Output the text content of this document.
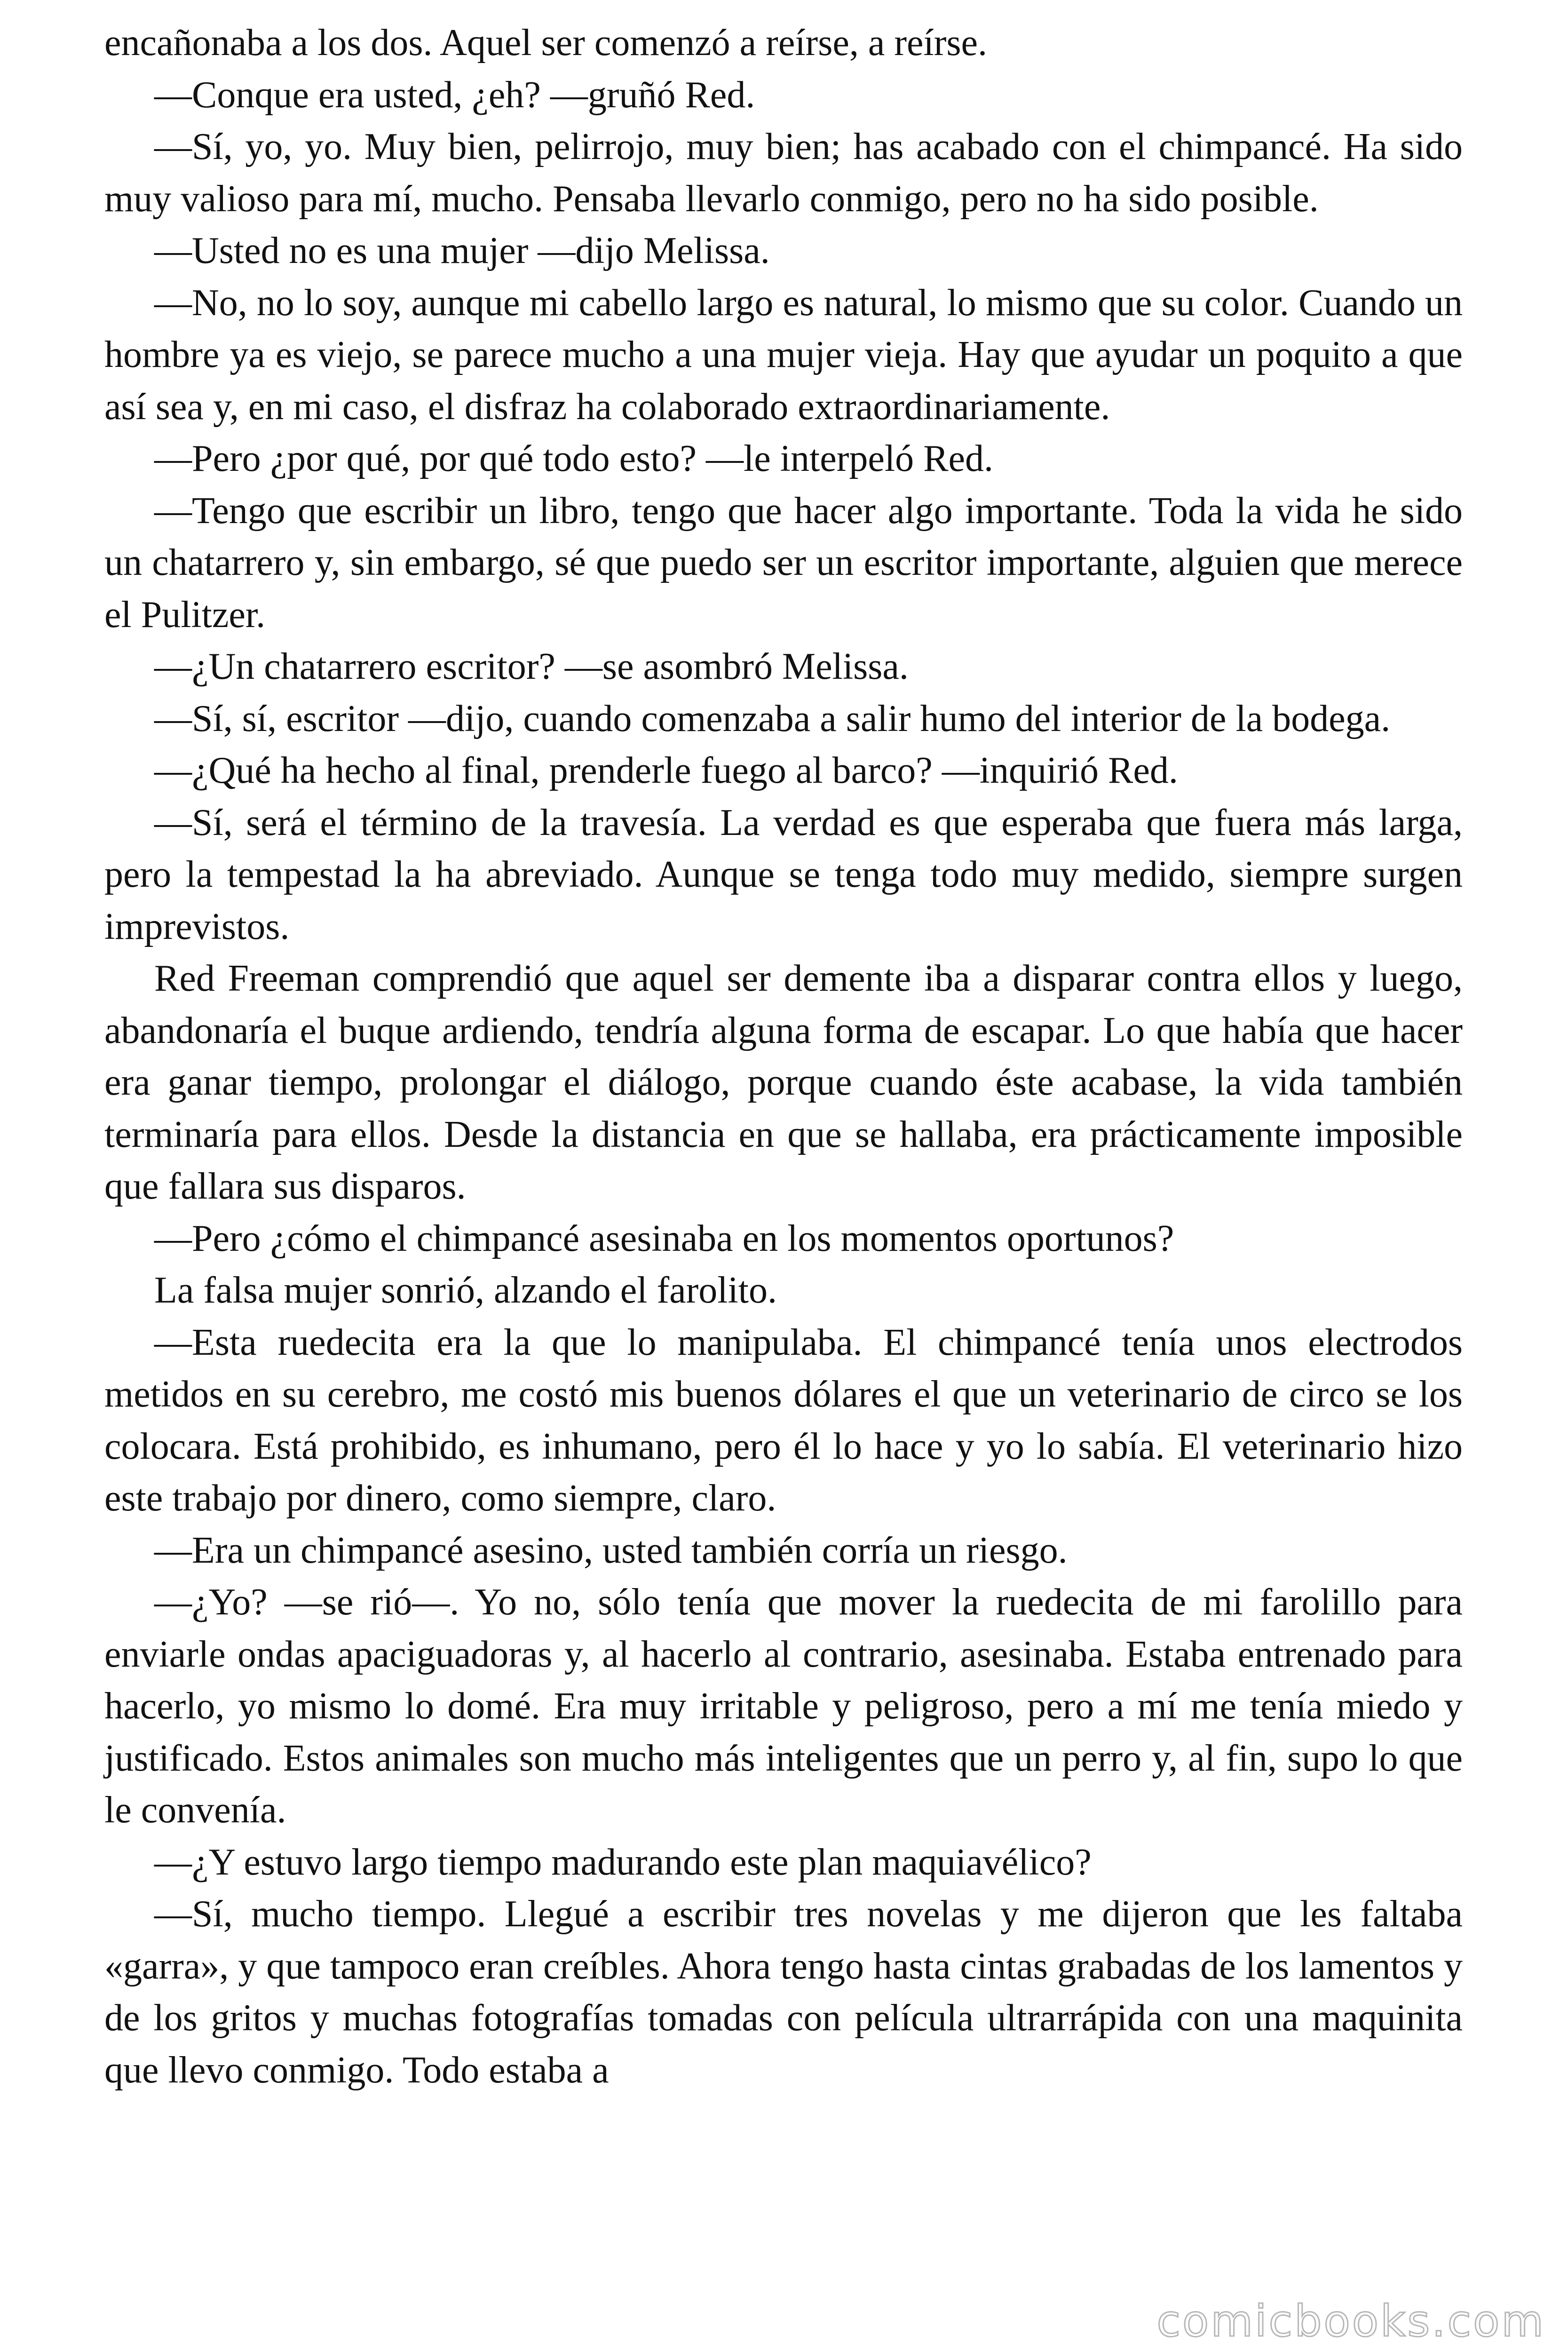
encañonaba a los dos. Aquel ser comenzó a reírse, a reírse.

—Conque era usted, ¿eh? —gruñó Red.

—Sí, yo, yo. Muy bien, pelirrojo, muy bien; has acabado con el chimpancé. Ha sido muy valioso para mí, mucho. Pensaba llevarlo conmigo, pero no ha sido posible.

—Usted no es una mujer —dijo Melissa.

—No, no lo soy, aunque mi cabello largo es natural, lo mismo que su color. Cuando un hombre ya es viejo, se parece mucho a una mujer vieja. Hay que ayudar un poquito a que así sea y, en mi caso, el disfraz ha colaborado extraordinariamente.

—Pero ¿por qué, por qué todo esto? —le interpeló Red.

—Tengo que escribir un libro, tengo que hacer algo importante. Toda la vida he sido un chatarrero y, sin embargo, sé que puedo ser un escritor importante, alguien que merece el Pulitzer.

—¿Un chatarrero escritor? —se asombró Melissa.

—Sí, sí, escritor —dijo, cuando comenzaba a salir humo del interior de la bodega.

—¿Qué ha hecho al final, prenderle fuego al barco? —inquirió Red.

—Sí, será el término de la travesía. La verdad es que esperaba que fuera más larga, pero la tempestad la ha abreviado. Aunque se tenga todo muy medido, siempre surgen imprevistos.

Red Freeman comprendió que aquel ser demente iba a disparar contra ellos y luego, abandonaría el buque ardiendo, tendría alguna forma de escapar. Lo que había que hacer era ganar tiempo, prolongar el diálogo, porque cuando éste acabase, la vida también terminaría para ellos. Desde la distancia en que se hallaba, era prácticamente imposible que fallara sus disparos.

—Pero ¿cómo el chimpancé asesinaba en los momentos oportunos?

La falsa mujer sonrió, alzando el farolito.

—Esta ruedecita era la que lo manipulaba. El chimpancé tenía unos electrodos metidos en su cerebro, me costó mis buenos dólares el que un veterinario de circo se los colocara. Está prohibido, es inhumano, pero él lo hace y yo lo sabía. El veterinario hizo este trabajo por dinero, como siempre, claro.

—Era un chimpancé asesino, usted también corría un riesgo.

—¿Yo? —se rió—. Yo no, sólo tenía que mover la ruedecita de mi farolillo para enviarle ondas apaciguadoras y, al hacerlo al contrario, asesinaba. Estaba entrenado para hacerlo, yo mismo lo domé. Era muy irritable y peligroso, pero a mí me tenía miedo y justificado. Estos animales son mucho más inteligentes que un perro y, al fin, supo lo que le convenía.

—¿Y estuvo largo tiempo madurando este plan maquiavélico?

—Sí, mucho tiempo. Llegué a escribir tres novelas y me dijeron que les faltaba «garra», y que tampoco eran creíbles. Ahora tengo hasta cintas grabadas de los lamentos y de los gritos y muchas fotografías tomadas con película ultrarrápida con una maquinita que llevo conmigo. Todo estaba a

comicbooks.com
